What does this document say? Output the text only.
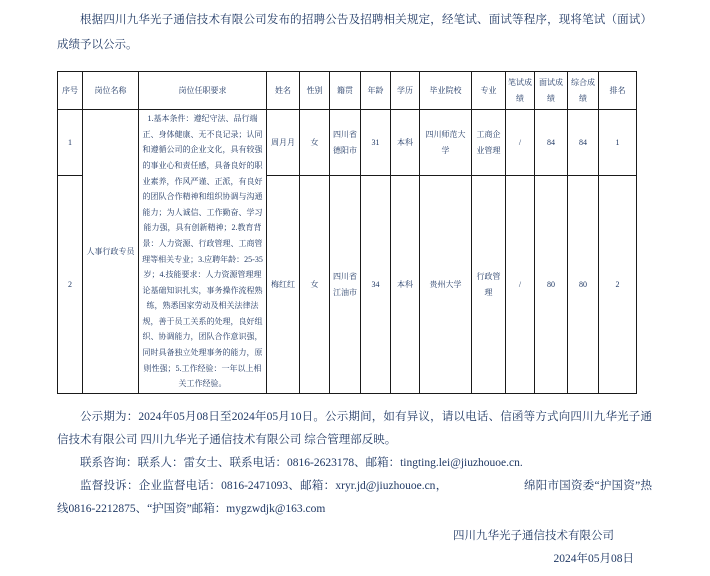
根据四川九华光子通信技术有限公司发布的招聘公告及招聘相关规定，经笔试、面试等程序，现将笔试（面试）成绩予以公示。

序号	岗位名称	岗位任职要求	姓名	性别	籍贯	年龄	学历	毕业院校	专业	笔试成绩	面试成绩	综合成绩	排名
1	人事行政专员	1.基本条件：遵纪守法、品行端正、身体健康、无不良记录；认同和遵循公司的企业文化，具有较强的事业心和责任感，具备良好的职业素养，作风严谨、正派，有良好的团队合作精神和组织协调与沟通能力；为人诚信、工作勤奋、学习能力强，具有创新精神；2.教育背景：人力资源、行政管理、工商管理等相关专业；3.应聘年龄：25-35岁；4.技能要求：人力资源管理理论基础知识扎实，事务操作流程熟练，熟悉国家劳动及相关法律法规，善于员工关系的处理，良好组织、协调能力，团队合作意识强，同时具备独立处理事务的能力，原则性强；5.工作经验：一年以上相关工作经验。	周月月	女	四川省德阳市	31	本科	四川师范大学	工商企业管理	/	84	84	1
2			梅红红	女	四川省江油市	34	本科	贵州大学	行政管理	/	80	80	2

公示期为：2024年05月08日至2024年05月10日。公示期间，如有异议，请以电话、信函等方式向四川九华光子通信技术有限公司 四川九华光子通信技术有限公司 综合管理部反映。

联系咨询：联系人：雷女士、联系电话：0816-2623178、邮箱：tingting.lei@jiuzhouoe.cn.

监督投诉：企业监督电话：0816-2471093、邮箱：xryr.jd@jiuzhouoe.cn，　　　　　　　绵阳市国资委“护国资”热线0816-2212875、“护国资”邮箱：mygzwdjk@163.com

四川九华光子通信技术有限公司
2024年05月08日
